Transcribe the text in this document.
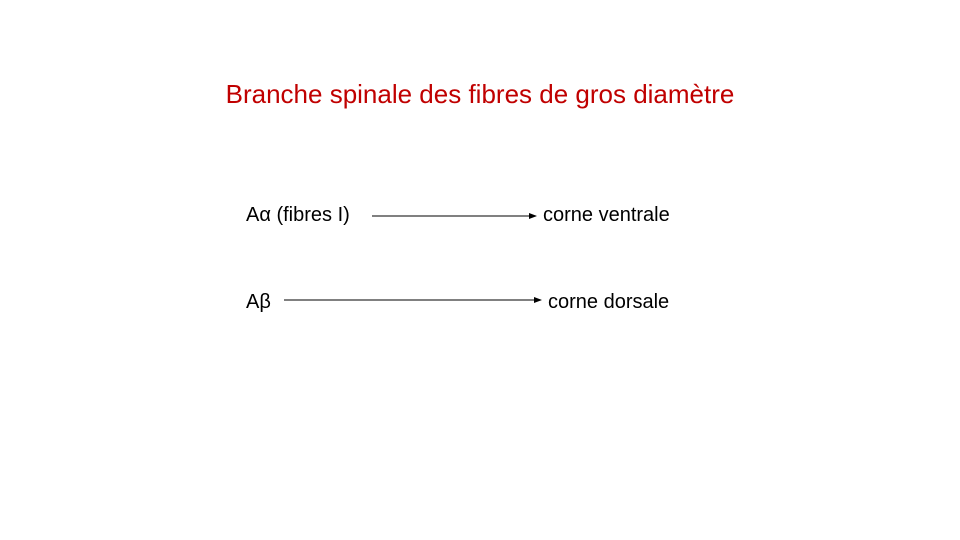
Branche spinale des fibres de gros diamètre
Aα (fibres I)	corne ventrale
Aβ	corne dorsale
